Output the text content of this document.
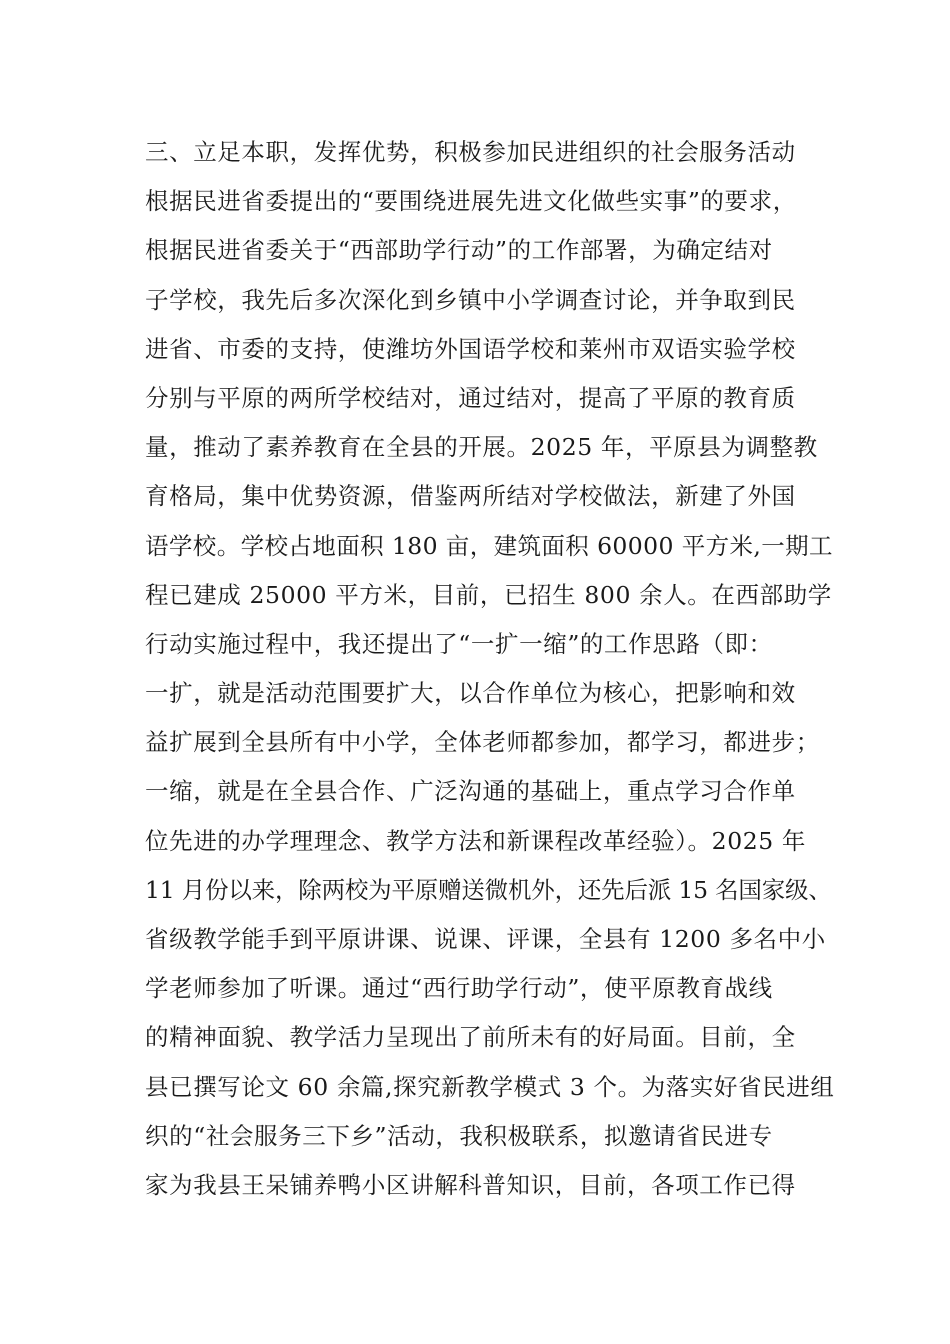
三、立足本职，发挥优势，积极参加民进组织的社会服务活动
根据民进省委提出的“要围绕进展先进文化做些实事”的要求，
根据民进省委关于“西部助学行动”的工作部署，为确定结对
子学校，我先后多次深化到乡镇中小学调查讨论，并争取到民
进省、市委的支持，使潍坊外国语学校和莱州市双语实验学校
分别与平原的两所学校结对，通过结对，提高了平原的教育质
量，推动了素养教育在全县的开展。2025 年，平原县为调整教
育格局，集中优势资源，借鉴两所结对学校做法，新建了外国
语学校。学校占地面积 180 亩，建筑面积 60000 平方米,一期工
程已建成 25000 平方米，目前，已招生 800 余人。在西部助学
行动实施过程中，我还提出了“一扩一缩”的工作思路（即：
一扩，就是活动范围要扩大，以合作单位为核心，把影响和效
益扩展到全县所有中小学，全体老师都参加，都学习，都进步；
一缩，就是在全县合作、广泛沟通的基础上，重点学习合作单
位先进的办学理理念、教学方法和新课程改革经验）。2025 年
11 月份以来，除两校为平原赠送微机外，还先后派 15 名国家级、
省级教学能手到平原讲课、说课、评课，全县有 1200 多名中小
学老师参加了听课。通过“西行助学行动”，使平原教育战线
的精神面貌、教学活力呈现出了前所未有的好局面。目前，全
县已撰写论文 60 余篇,探究新教学模式 3 个。为落实好省民进组
织的“社会服务三下乡”活动，我积极联系，拟邀请省民进专
家为我县王呆铺养鸭小区讲解科普知识，目前，各项工作已得
